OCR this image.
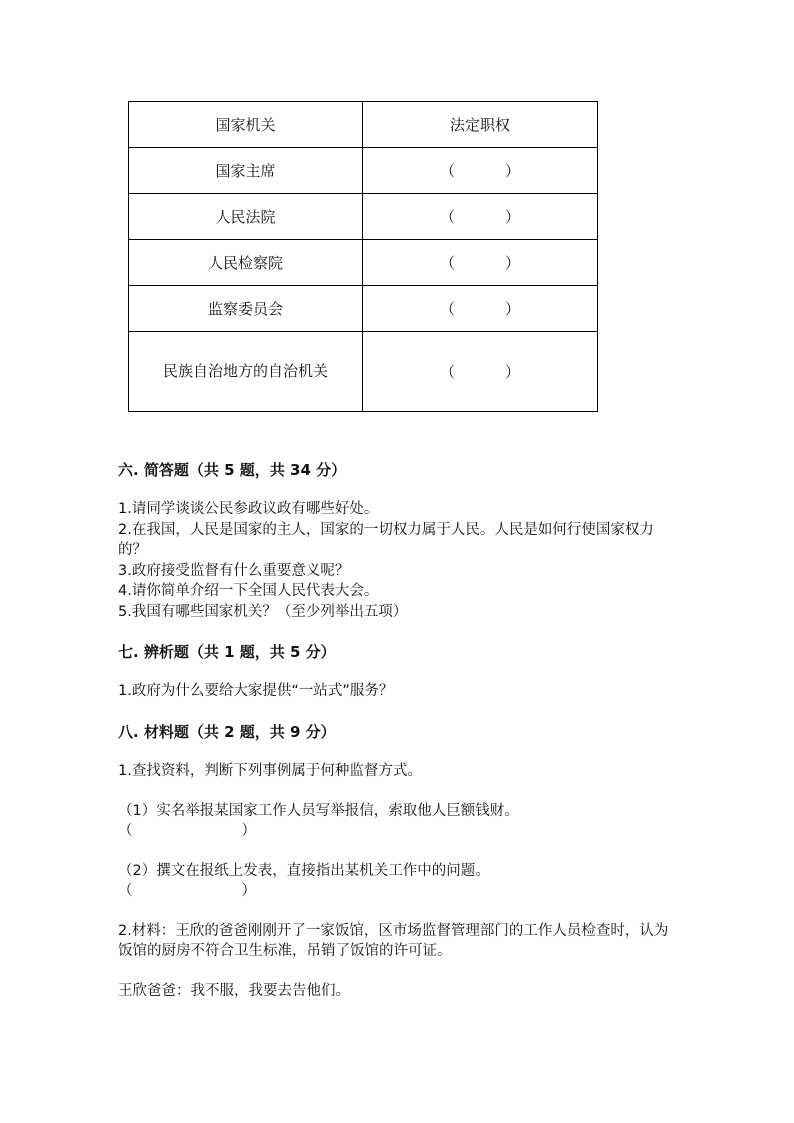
国家机关	法定职权
国家主席	（ ）
人民法院	（ ）
人民检察院	（ ）
监察委员会	（ ）
民族自治地方的自治机关	（ ）

六. 简答题（共 5 题，共 34 分）

1.请同学谈谈公民参政议政有哪些好处。

2.在我国，人民是国家的主人，国家的一切权力属于人民。人民是如何行使国家权力的？

3.政府接受监督有什么重要意义呢？

4.请你简单介绍一下全国人民代表大会。

5.我国有哪些国家机关？（至少列举出五项）

七. 辨析题（共 1 题，共 5 分）

1.政府为什么要给大家提供“一站式”服务？

八. 材料题（共 2 题，共 9 分）

1.查找资料，判断下列事例属于何种监督方式。

（1）实名举报某国家工作人员写举报信，索取他人巨额钱财。

（ ）

（2）撰文在报纸上发表，直接指出某机关工作中的问题。

（ ）

2.材料：王欣的爸爸刚刚开了一家饭馆，区市场监督管理部门的工作人员检查时，认为饭馆的厨房不符合卫生标准，吊销了饭馆的许可证。

王欣爸爸：我不服，我要去告他们。
